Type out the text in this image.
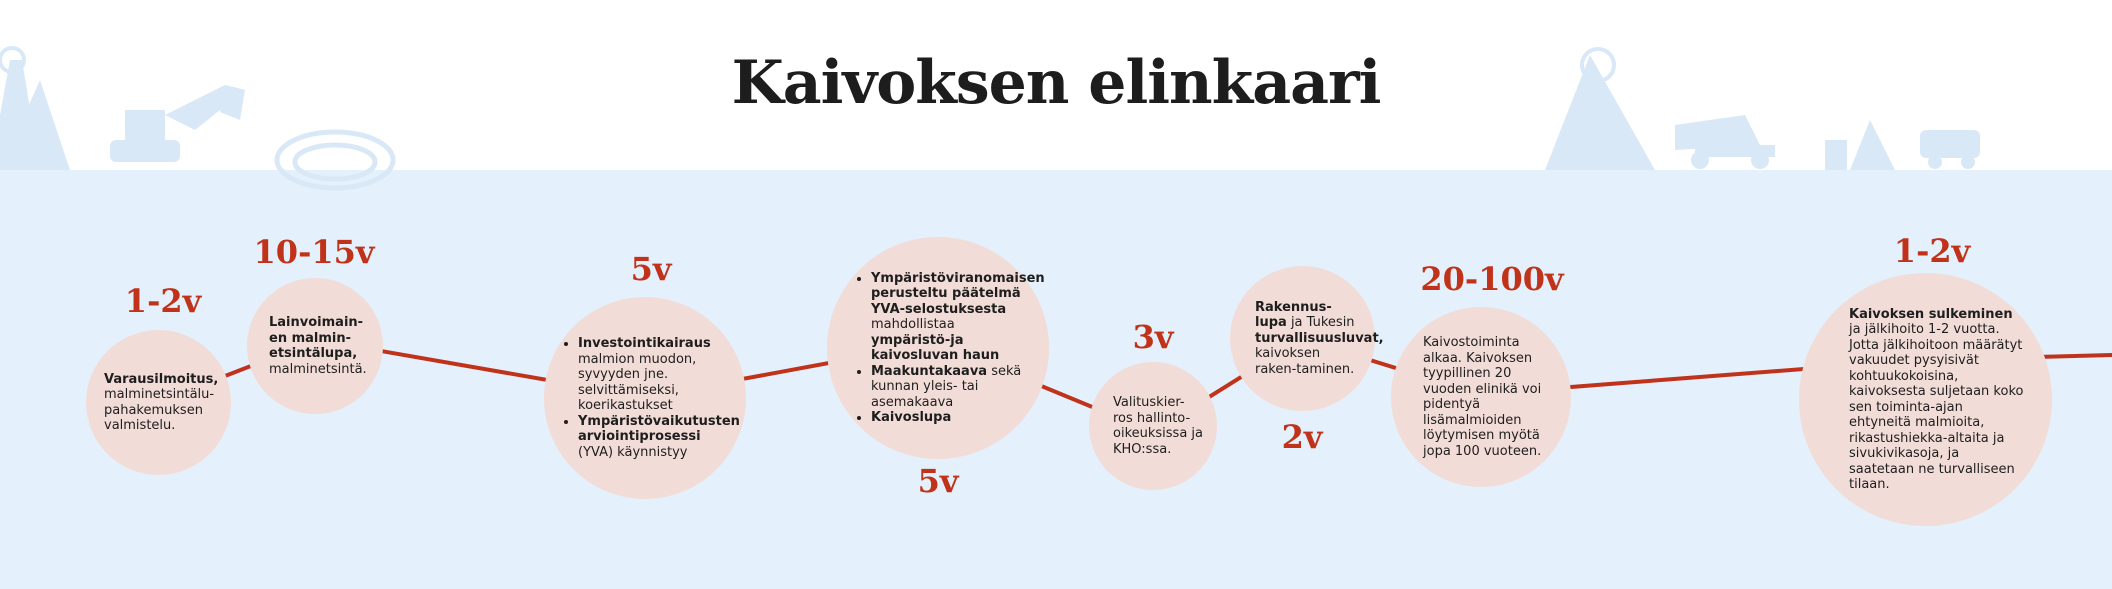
Kaivoksen elinkaari
1-2v
Varausilmoitus, malminetsintälu-pahakemuksen valmistelu.
10-15v
Lainvoimain-en malmin-etsintälupa, malminetsintä.
5v
• Investointikairaus malmion muodon, syvyyden jne. selvittämiseksi, koerikastukset
• Ympäristövaikutusten arviointiprosessi (YVA) käynnistyy
• Ympäristöviranomaisen perusteltu päätelmä YVA-selostuksesta mahdollistaa ympäristö-ja kaivosluvan haun
• Maakuntakaava sekä kunnan yleis- tai asemakaava
• Kaivoslupa
5v
3v
Valituskier-ros hallinto-oikeuksissa ja KHO:ssa.
Rakennus-lupa ja Tukesin turvallisuusluvat, kaivoksen raken-taminen.
2v
20-100v
Kaivostoiminta alkaa. Kaivoksen tyypillinen 20 vuoden elinikä voi pidentyä lisämalmioiden löytymisen myötä jopa 100 vuoteen.
1-2v
Kaivoksen sulkeminen ja jälkihoito 1-2 vuotta. Jotta jälkihoitoon määrätyt vakuudet pysyisivät kohtuukokoisina, kaivoksesta suljetaan koko sen toiminta-ajan ehtyneitä malmioita, rikastushiekka-altaita ja sivukivikasoja, ja saatetaan ne turvalliseen tilaan.
